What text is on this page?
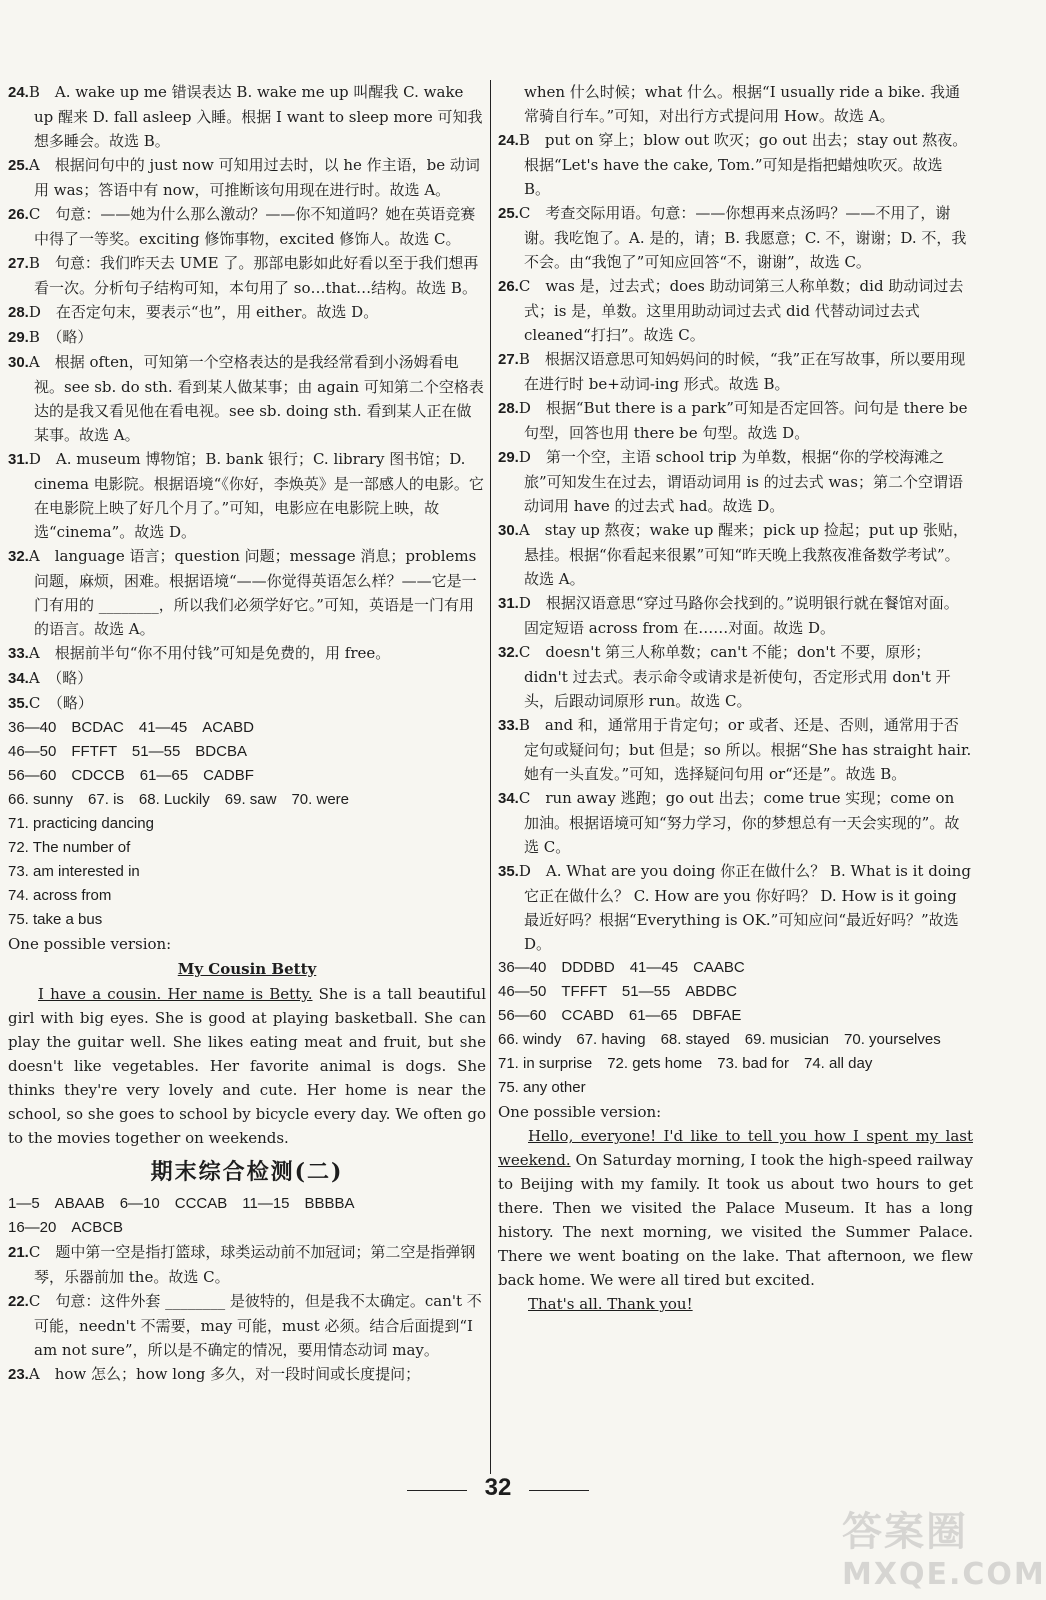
24.B　A. wake up me 错误表达 B. wake me up 叫醒我 C. wake up 醒来 D. fall asleep 入睡。根据 I want to sleep more 可知我想多睡会。故选 B。

25.A　根据问句中的 just now 可知用过去时，以 he 作主语，be 动词用 was；答语中有 now，可推断该句用现在进行时。故选 A。

26.C　句意：——她为什么那么激动？——你不知道吗？她在英语竞赛中得了一等奖。exciting 修饰事物，excited 修饰人。故选 C。

27.B　句意：我们昨天去 UME 了。那部电影如此好看以至于我们想再看一次。分析句子结构可知，本句用了 so…that…结构。故选 B。

28.D　在否定句末，要表示“也”，用 either。故选 D。

29.B　（略）

30.A　根据 often，可知第一个空格表达的是我经常看到小汤姆看电视。see sb. do sth. 看到某人做某事；由 again 可知第二个空格表达的是我又看见他在看电视。see sb. doing sth. 看到某人正在做某事。故选 A。

31.D　A. museum 博物馆；B. bank 银行；C. library 图书馆；D. cinema 电影院。根据语境“《你好，李焕英》是一部感人的电影。它在电影院上映了好几个月了。”可知，电影应在电影院上映，故选“cinema”。故选 D。

32.A　language 语言；question 问题；message 消息；problems 问题，麻烦，困难。根据语境“——你觉得英语怎么样？——它是一门有用的 ________，所以我们必须学好它。”可知，英语是一门有用的语言。故选 A。

33.A　根据前半句“你不用付钱”可知是免费的，用 free。

34.A　（略）

35.C　（略）

36—40　BCDAC　41—45　ACABD

46—50　FFTFT　51—55　BDCBA

56—60　CDCCB　61—65　CADBF

66. sunny　67. is　68. Luckily　69. saw　70. were

71. practicing dancing

72. The number of

73. am interested in

74. across from

75. take a bus

One possible version:

My Cousin Betty

I have a cousin. Her name is Betty. She is a tall beautiful girl with big eyes. She is good at playing basketball. She can play the guitar well. She likes eating meat and fruit, but she doesn't like vegetables. Her favorite animal is dogs. She thinks they're very lovely and cute. Her home is near the school, so she goes to school by bicycle every day. We often go to the movies together on weekends.

期末综合检测(二)

1—5　ABAAB　6—10　CCCAB　11—15　BBBBA

16—20　ACBCB

21.C　题中第一空是指打篮球，球类运动前不加冠词；第二空是指弹钢琴，乐器前加 the。故选 C。

22.C　句意：这件外套 ________ 是彼特的，但是我不太确定。can't 不可能，needn't 不需要，may 可能，must 必须。结合后面提到“I am not sure”，所以是不确定的情况，要用情态动词 may。

23.A　how 怎么；how long 多久，对一段时间或长度提问；

when 什么时候；what 什么。根据“I usually ride a bike. 我通常骑自行车。”可知，对出行方式提问用 How。故选 A。

24.B　put on 穿上；blow out 吹灭；go out 出去；stay out 熬夜。根据“Let's have the cake, Tom.”可知是指把蜡烛吹灭。故选 B。

25.C　考查交际用语。句意：——你想再来点汤吗？——不用了，谢谢。我吃饱了。A. 是的，请；B. 我愿意；C. 不，谢谢；D. 不，我不会。由“我饱了”可知应回答“不，谢谢”，故选 C。

26.C　was 是，过去式；does 助动词第三人称单数；did 助动词过去式；is 是，单数。这里用助动词过去式 did 代替动词过去式 cleaned“打扫”。故选 C。

27.B　根据汉语意思可知妈妈问的时候，“我”正在写故事，所以要用现在进行时 be+动词-ing 形式。故选 B。

28.D　根据“But there is a park”可知是否定回答。问句是 there be 句型，回答也用 there be 句型。故选 D。

29.D　第一个空，主语 school trip 为单数，根据“你的学校海滩之旅”可知发生在过去，谓语动词用 is 的过去式 was；第二个空谓语动词用 have 的过去式 had。故选 D。

30.A　stay up 熬夜；wake up 醒来；pick up 捡起；put up 张贴，悬挂。根据“你看起来很累”可知“昨天晚上我熬夜准备数学考试”。故选 A。

31.D　根据汉语意思“穿过马路你会找到的。”说明银行就在餐馆对面。固定短语 across from 在……对面。故选 D。

32.C　doesn't 第三人称单数；can't 不能；don't 不要，原形；didn't 过去式。表示命令或请求是祈使句，否定形式用 don't 开头，后跟动词原形 run。故选 C。

33.B　and 和，通常用于肯定句；or 或者、还是、否则，通常用于否定句或疑问句；but 但是；so 所以。根据“She has straight hair. 她有一头直发。”可知，选择疑问句用 or“还是”。故选 B。

34.C　run away 逃跑；go out 出去；come true 实现；come on 加油。根据语境可知“努力学习，你的梦想总有一天会实现的”。故选 C。

35.D　A. What are you doing 你正在做什么？ B. What is it doing 它正在做什么？ C. How are you 你好吗？ D. How is it going 最近好吗？根据“Everything is OK.”可知应问“最近好吗？”故选 D。

36—40　DDDBD　41—45　CAABC

46—50　TFFFT　51—55　ABDBC

56—60　CCABD　61—65　DBFAE

66. windy　67. having　68. stayed　69. musician　70. yourselves

71. in surprise　72. gets home　73. bad for　74. all day

75. any other

One possible version:

Hello, everyone! I'd like to tell you how I spent my last weekend. On Saturday morning, I took the high-speed railway to Beijing with my family. It took us about two hours to get there. Then we visited the Palace Museum. It has a long history. The next morning, we visited the Summer Palace. There we went boating on the lake. That afternoon, we flew back home. We were all tired but excited.

That's all. Thank you!

32
答案圈
MXQE.COM
